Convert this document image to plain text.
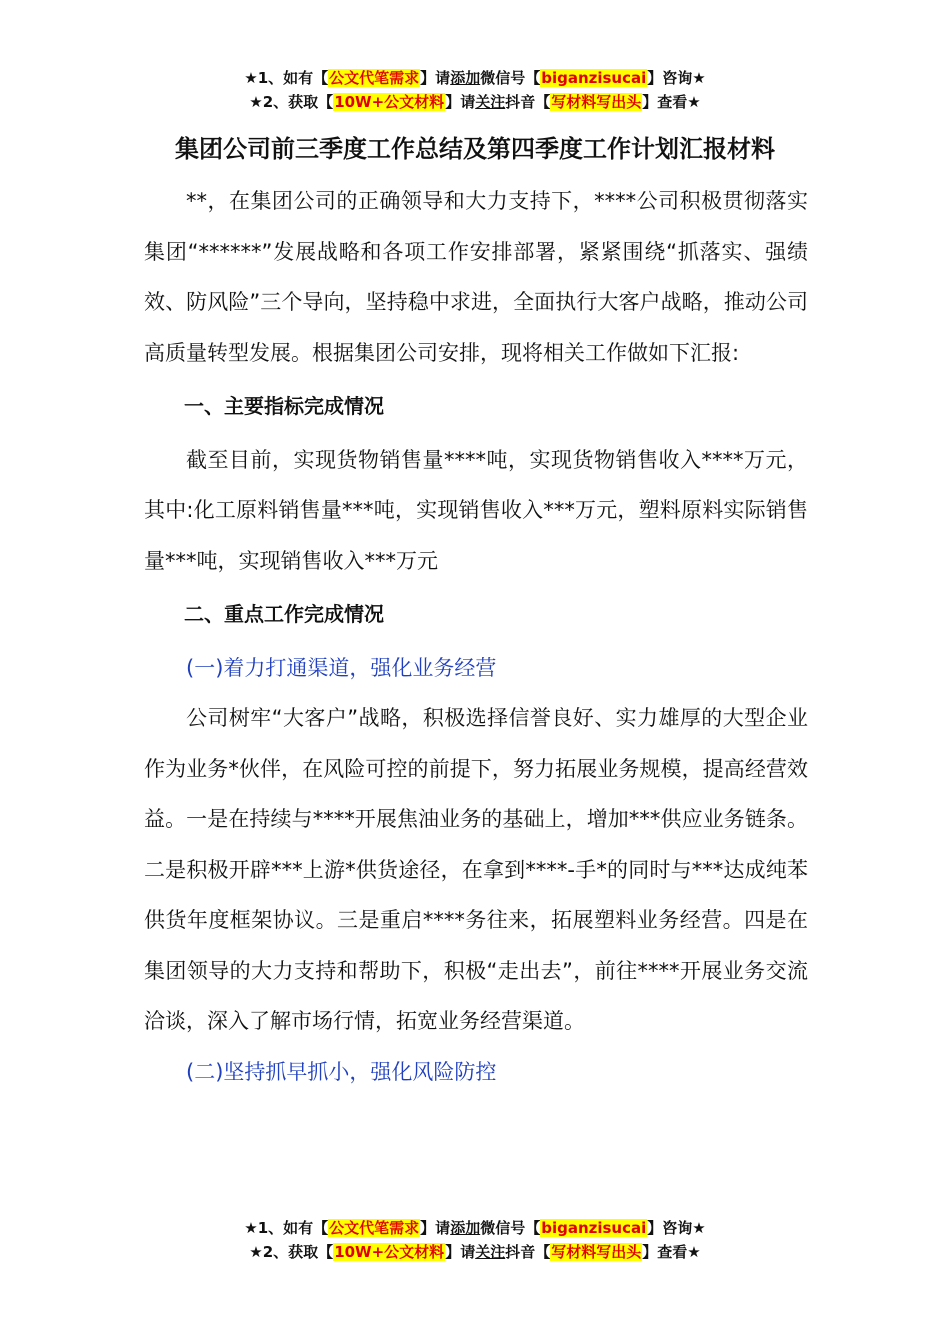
★1、如有【公文代笔需求】请添加微信号【biganzisucai】咨询★
★2、获取【10W+公文材料】请关注抖音【写材料写出头】查看★
集团公司前三季度工作总结及第四季度工作计划汇报材料

**，在集团公司的正确领导和大力支持下，****公司积极贯彻落实集团“******”发展战略和各项工作安排部署，紧紧围绕“抓落实、强绩效、防风险”三个导向，坚持稳中求进，全面执行大客户战略，推动公司高质量转型发展。根据集团公司安排，现将相关工作做如下汇报:

一、主要指标完成情况

截至目前，实现货物销售量****吨，实现货物销售收入****万元，其中:化工原料销售量***吨，实现销售收入***万元，塑料原料实际销售量***吨，实现销售收入***万元

二、重点工作完成情况

(一)着力打通渠道，强化业务经营

公司树牢“大客户”战略，积极选择信誉良好、实力雄厚的大型企业作为业务*伙伴，在风险可控的前提下，努力拓展业务规模，提高经营效益。一是在持续与****开展焦油业务的基础上，增加***供应业务链条。二是积极开辟***上游*供货途径，在拿到****-手*的同时与***达成纯苯供货年度框架协议。三是重启****务往来，拓展塑料业务经营。四是在集团领导的大力支持和帮助下，积极“走出去”，前往****开展业务交流洽谈，深入了解市场行情，拓宽业务经营渠道。

(二)坚持抓早抓小，强化风险防控

★1、如有【公文代笔需求】请添加微信号【biganzisucai】咨询★
★2、获取【10W+公文材料】请关注抖音【写材料写出头】查看★
